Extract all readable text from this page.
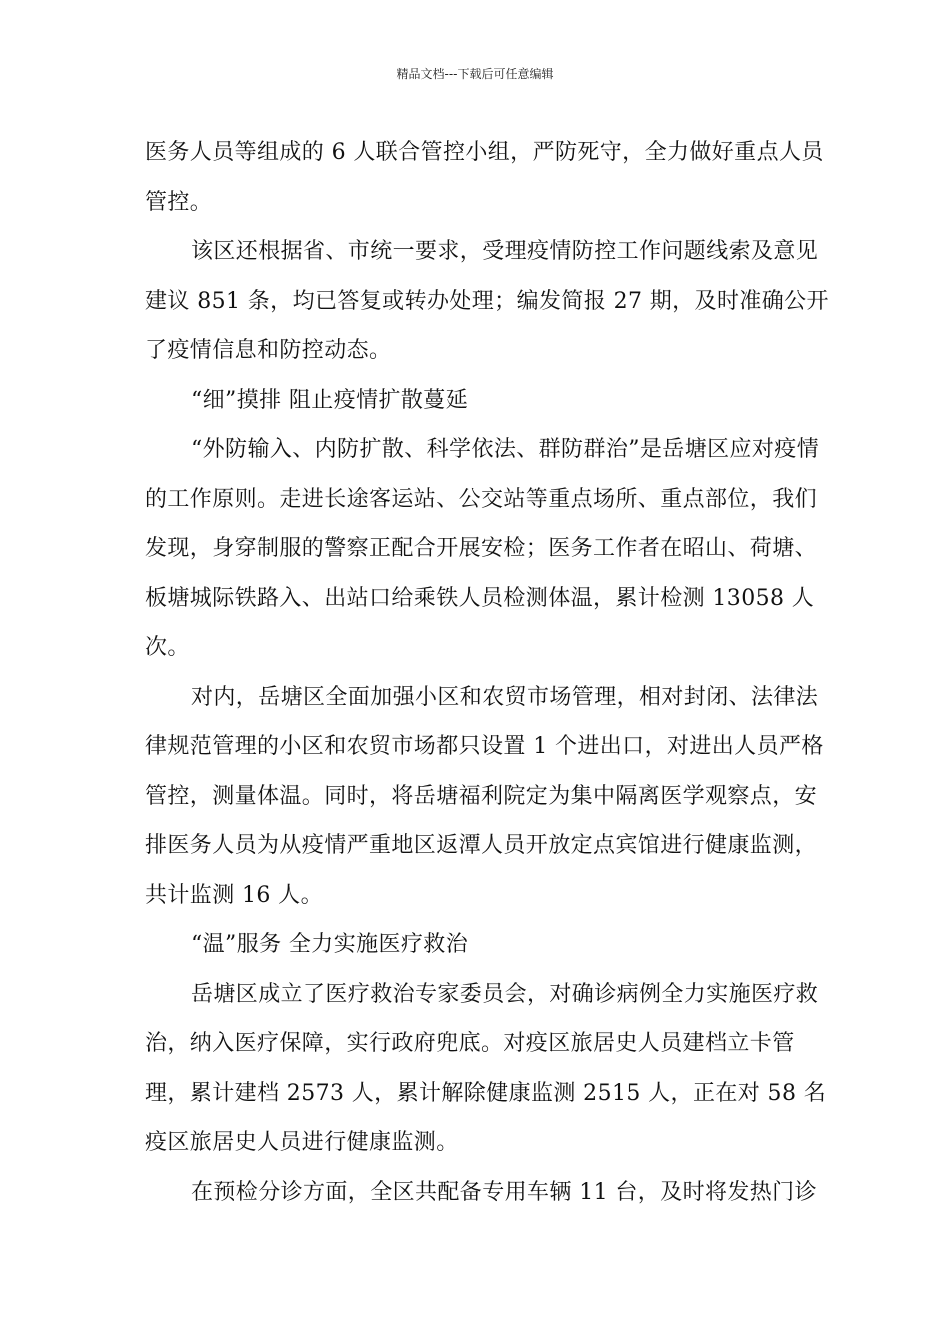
精品文档---下载后可任意编辑

医务人员等组成的 6 人联合管控小组，严防死守，全力做好重点人员管控。

该区还根据省、市统一要求，受理疫情防控工作问题线索及意见建议 851 条，均已答复或转办处理；编发简报 27 期，及时准确公开了疫情信息和防控动态。

“细”摸排 阻止疫情扩散蔓延

“外防输入、内防扩散、科学依法、群防群治”是岳塘区应对疫情的工作原则。走进长途客运站、公交站等重点场所、重点部位，我们发现，身穿制服的警察正配合开展安检；医务工作者在昭山、荷塘、板塘城际铁路入、出站口给乘铁人员检测体温，累计检测 13058 人次。

对内，岳塘区全面加强小区和农贸市场管理，相对封闭、法律法律规范管理的小区和农贸市场都只设置 1 个进出口，对进出人员严格管控，测量体温。同时，将岳塘福利院定为集中隔离医学观察点，安排医务人员为从疫情严重地区返潭人员开放定点宾馆进行健康监测，共计监测 16 人。

“温”服务 全力实施医疗救治

岳塘区成立了医疗救治专家委员会，对确诊病例全力实施医疗救治，纳入医疗保障，实行政府兜底。对疫区旅居史人员建档立卡管理，累计建档 2573 人，累计解除健康监测 2515 人，正在对 58 名疫区旅居史人员进行健康监测。

在预检分诊方面，全区共配备专用车辆 11 台，及时将发热门诊
